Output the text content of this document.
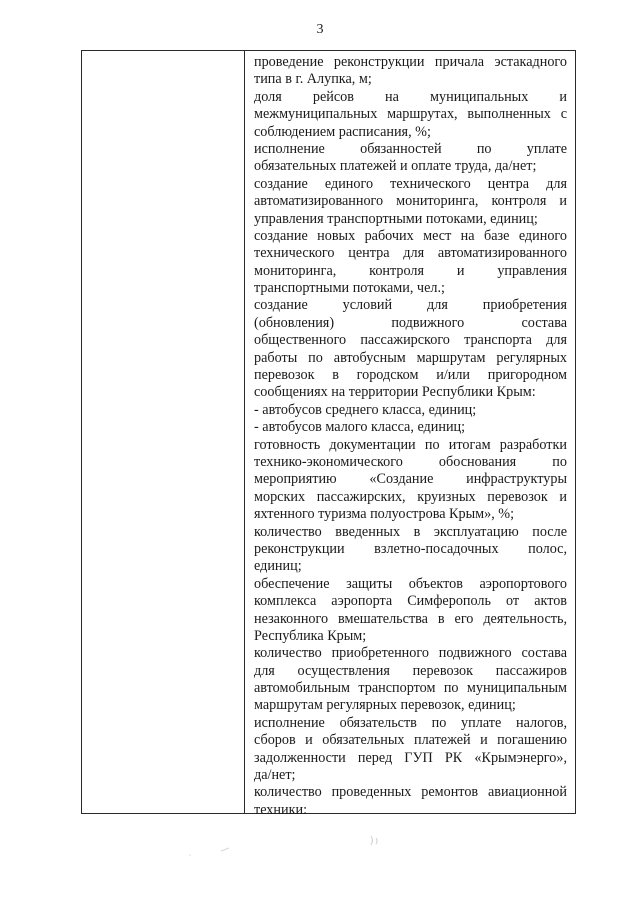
3
проведение реконструкции причала эстакадного
типа в г. Алупка, м;
доля рейсов на муниципальных и
межмуниципальных маршрутах, выполненных с
соблюдением расписания, %;
исполнение обязанностей по уплате
обязательных платежей и оплате труда, да/нет;
создание единого технического центра для
автоматизированного мониторинга, контроля и
управления транспортными потоками, единиц;
создание новых рабочих мест на базе единого
технического центра для автоматизированного
мониторинга, контроля и управления
транспортными потоками, чел.;
создание условий для приобретения
(обновления) подвижного состава
общественного пассажирского транспорта для
работы по автобусным маршрутам регулярных
перевозок в городском и/или пригородном
сообщениях на территории Республики Крым:
- автобусов среднего класса, единиц;
- автобусов малого класса, единиц;
готовность документации по итогам разработки
технико-экономического обоснования по
мероприятию «Создание инфраструктуры
морских пассажирских, круизных перевозок и
яхтенного туризма полуострова Крым», %;
количество введенных в эксплуатацию после
реконструкции взлетно-посадочных полос,
единиц;
обеспечение защиты объектов аэропортового
комплекса аэропорта Симферополь от актов
незаконного вмешательства в его деятельность,
Республика Крым;
количество приобретенного подвижного состава
для осуществления перевозок пассажиров
автомобильным транспортом по муниципальным
маршрутам регулярных перевозок, единиц;
исполнение обязательств по уплате налогов,
сборов и обязательных платежей и погашению
задолженности перед ГУП РК «Крымэнерго»,
да/нет;
количество проведенных ремонтов авиационной
техники:
